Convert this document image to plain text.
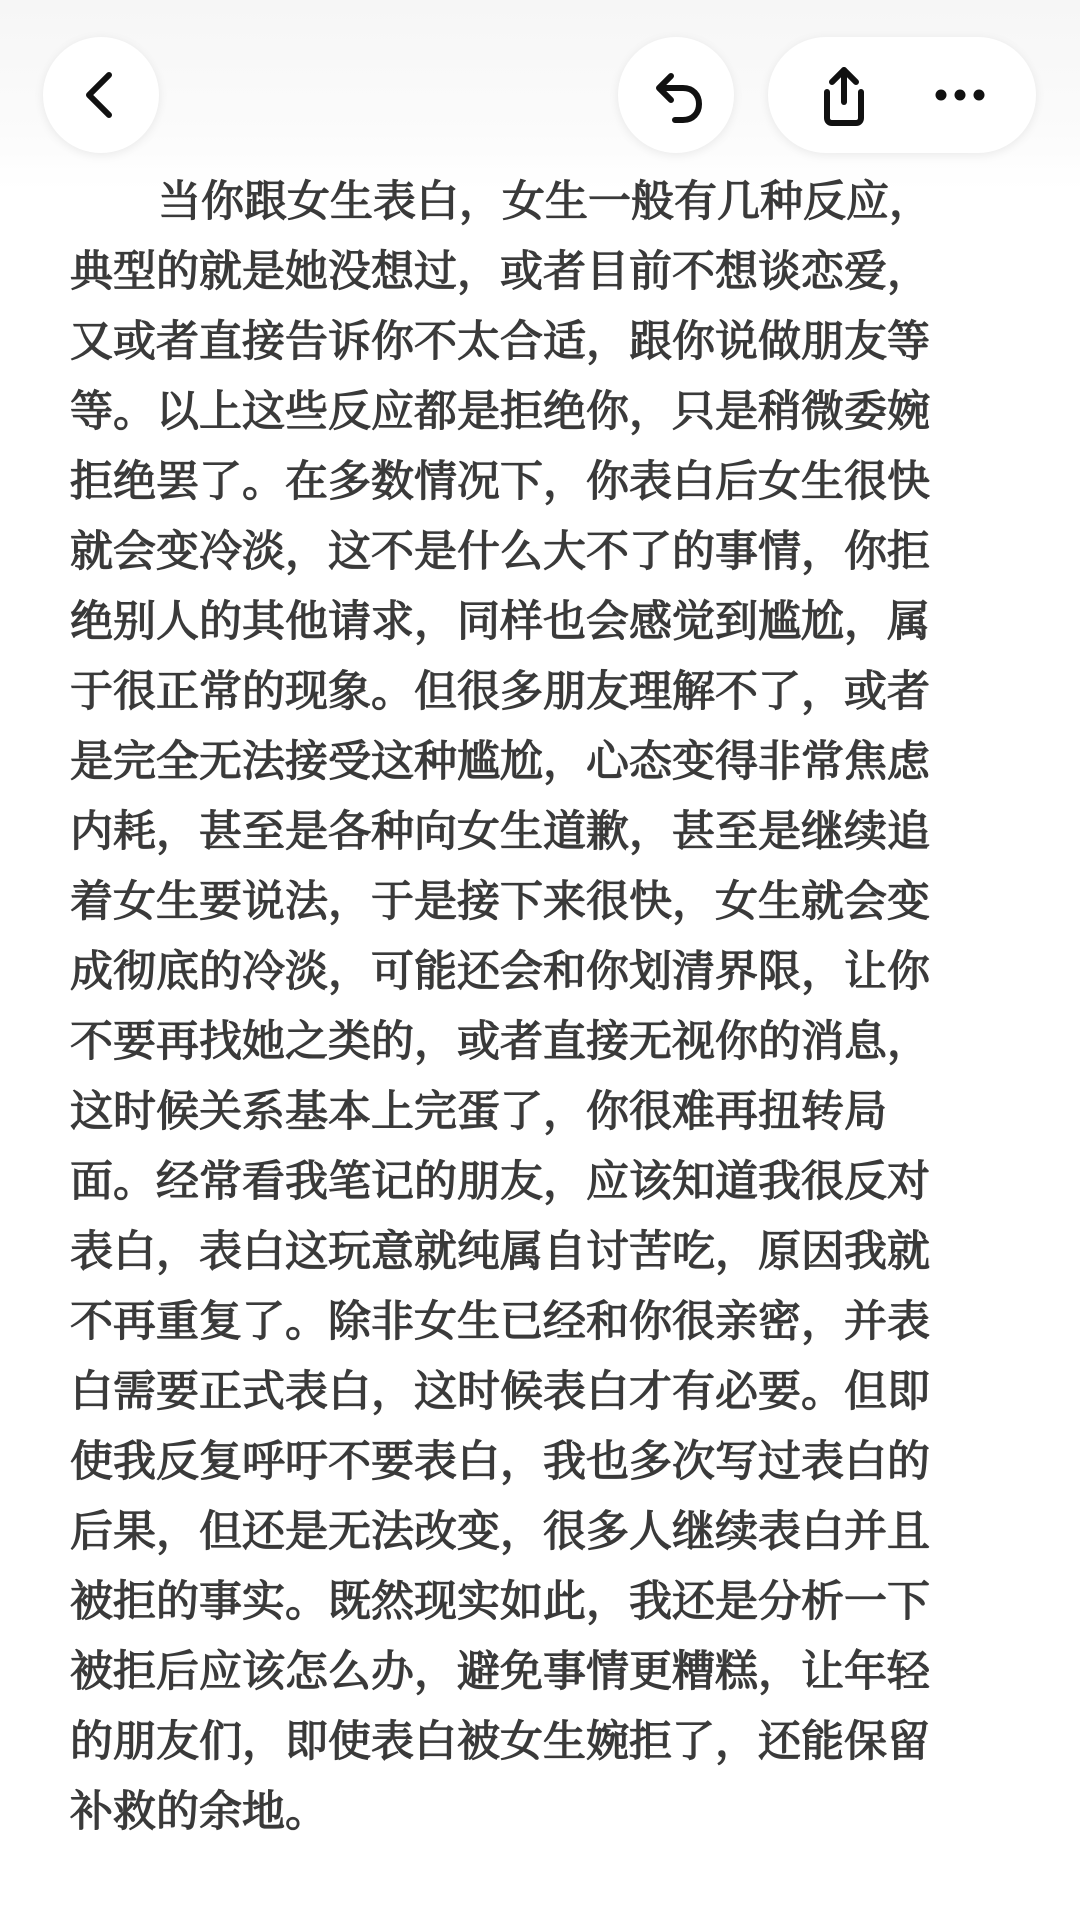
当你跟女生表白，女生一般有几种反应，
典型的就是她没想过，或者目前不想谈恋爱，
又或者直接告诉你不太合适，跟你说做朋友等
等。以上这些反应都是拒绝你，只是稍微委婉
拒绝罢了。在多数情况下，你表白后女生很快
就会变冷淡，这不是什么大不了的事情，你拒
绝别人的其他请求，同样也会感觉到尴尬，属
于很正常的现象。但很多朋友理解不了，或者
是完全无法接受这种尴尬，心态变得非常焦虑
内耗，甚至是各种向女生道歉，甚至是继续追
着女生要说法，于是接下来很快，女生就会变
成彻底的冷淡，可能还会和你划清界限，让你
不要再找她之类的，或者直接无视你的消息，
这时候关系基本上完蛋了，你很难再扭转局
面。经常看我笔记的朋友，应该知道我很反对
表白，表白这玩意就纯属自讨苦吃，原因我就
不再重复了。除非女生已经和你很亲密，并表
白需要正式表白，这时候表白才有必要。但即
使我反复呼吁不要表白，我也多次写过表白的
后果，但还是无法改变，很多人继续表白并且
被拒的事实。既然现实如此，我还是分析一下
被拒后应该怎么办，避免事情更糟糕，让年轻
的朋友们，即使表白被女生婉拒了，还能保留
补救的余地。
